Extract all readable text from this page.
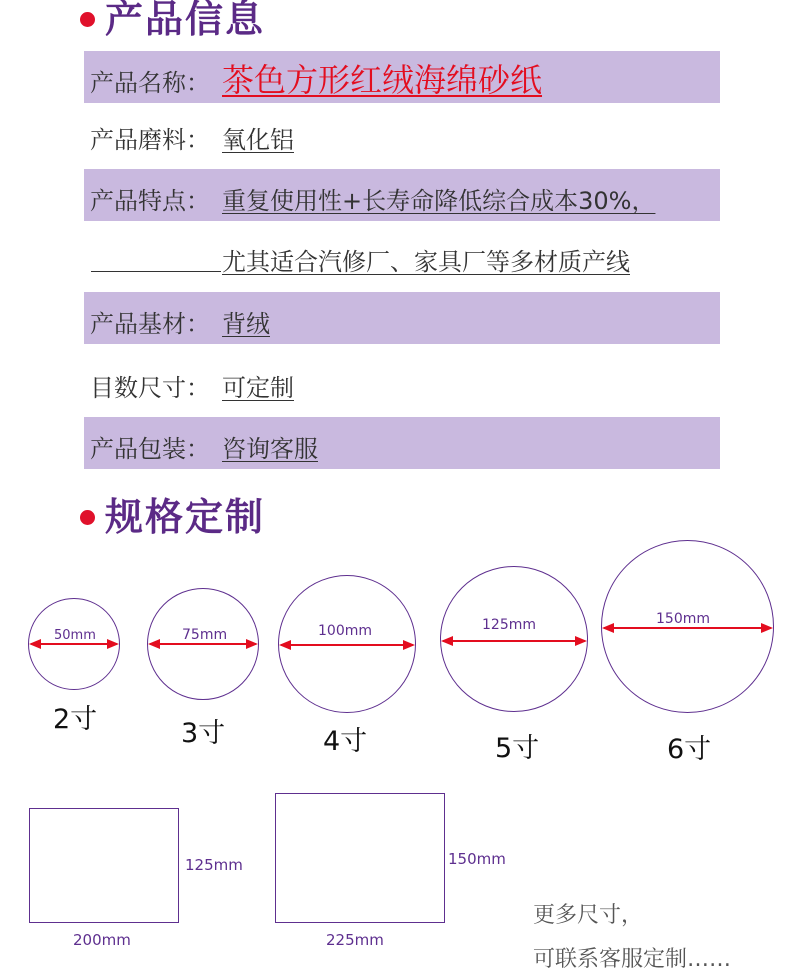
产品信息
产品名称： 茶色方形红绒海绵砂纸
产品磨料： 氧化铝
产品特点： 重复使用性+长寿命降低综合成本30%，
尤其适合汽修厂、家具厂等多材质产线
产品基材： 背绒
目数尺寸： 可定制
产品包装： 咨询客服
规格定制
50mm
2寸
75mm
3寸
100mm
4寸
125mm
5寸
150mm
6寸
125mm
200mm
150mm
225mm
更多尺寸，
可联系客服定制……
